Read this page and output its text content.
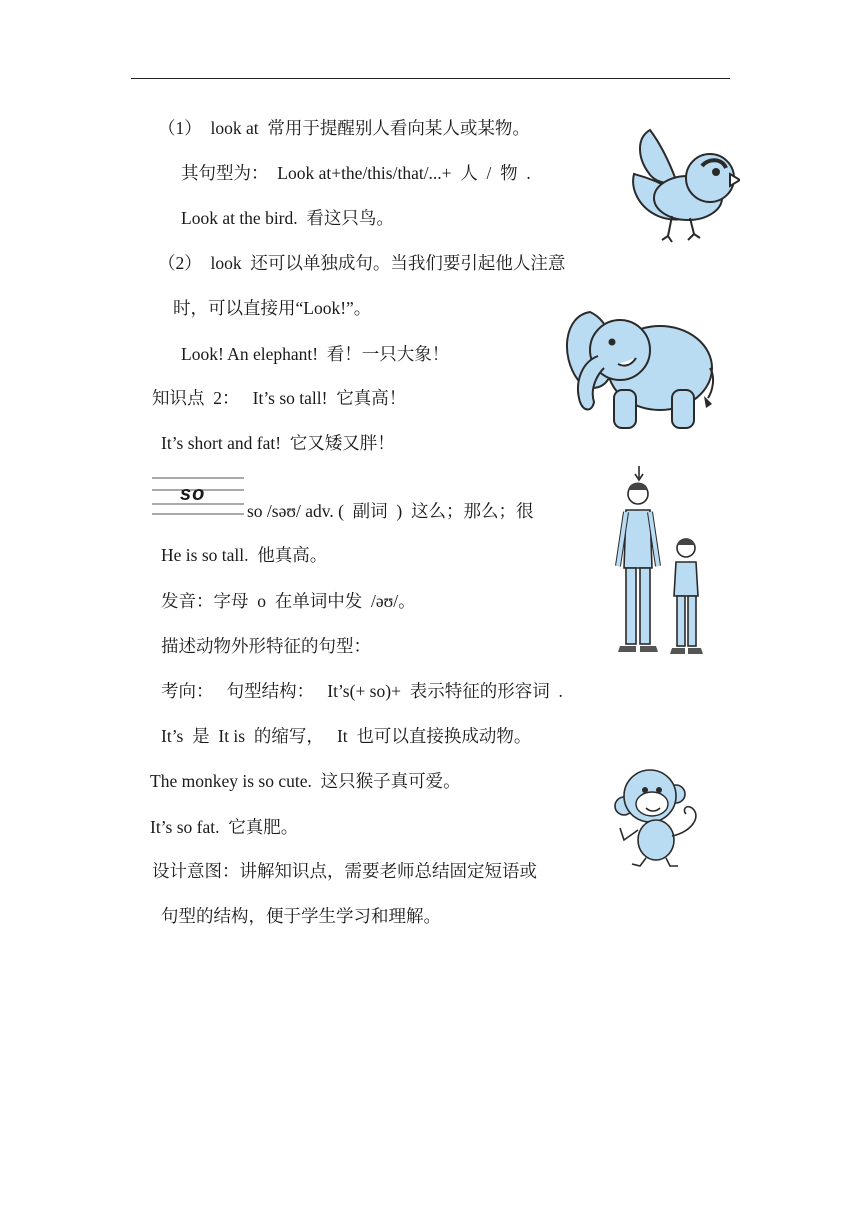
（1）  look at  常用于提醒别人看向某人或某物。
其句型为：  Look at+the/this/that/...+  人  /  物  .
Look at the bird.  看这只鸟。
（2）  look  还可以单独成句。当我们要引起他人注意
时，可以直接用“Look!”。
Look! An elephant!  看！一只大象！
知识点  2：   It’s so tall!  它真高！
It’s short and fat!  它又矮又胖！
so
so /səʊ/ adv. (  副词  )  这么；那么；很
He is so tall.  他真高。
发音：字母  o  在单词中发  /əʊ/。
描述动物外形特征的句型：
考向：   句型结构：   It’s(+ so)+  表示特征的形容词  .
It’s  是  It is  的缩写，   It  也可以直接换成动物。
The monkey is so cute.  这只猴子真可爱。
It’s so fat.  它真肥。
设计意图：讲解知识点，需要老师总结固定短语或
句型的结构，便于学生学习和理解。
